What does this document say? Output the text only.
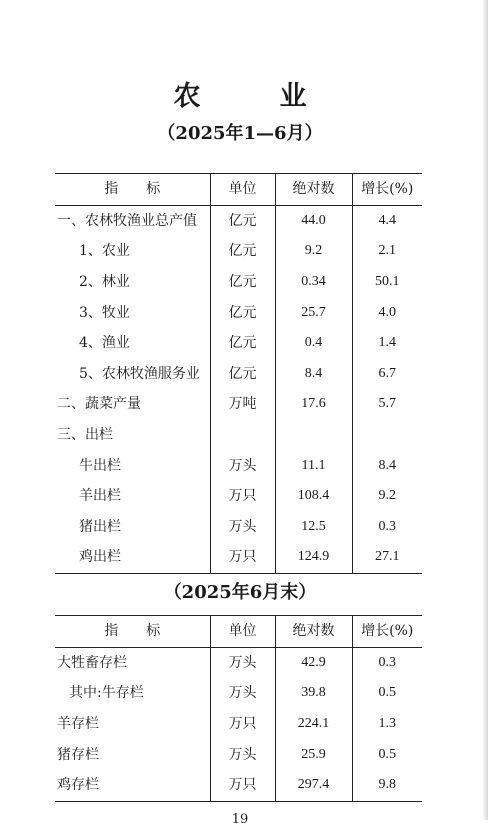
农　业
（2025年1—6月）
指　　标	单位	绝对数	增长(%)
一、农林牧渔业总产值	亿元	44.0	4.4
1、农业	亿元	9.2	2.1
2、林业	亿元	0.34	50.1
3、牧业	亿元	25.7	4.0
4、渔业	亿元	0.4	1.4
5、农林牧渔服务业	亿元	8.4	6.7
二、蔬菜产量	万吨	17.6	5.7
三、出栏			
牛出栏	万头	11.1	8.4
羊出栏	万只	108.4	9.2
猪出栏	万头	12.5	0.3
鸡出栏	万只	124.9	27.1
（2025年6月末）
指　　标	单位	绝对数	增长(%)
大牲畜存栏	万头	42.9	0.3
其中:牛存栏	万头	39.8	0.5
羊存栏	万只	224.1	1.3
猪存栏	万头	25.9	0.5
鸡存栏	万只	297.4	9.8
19
